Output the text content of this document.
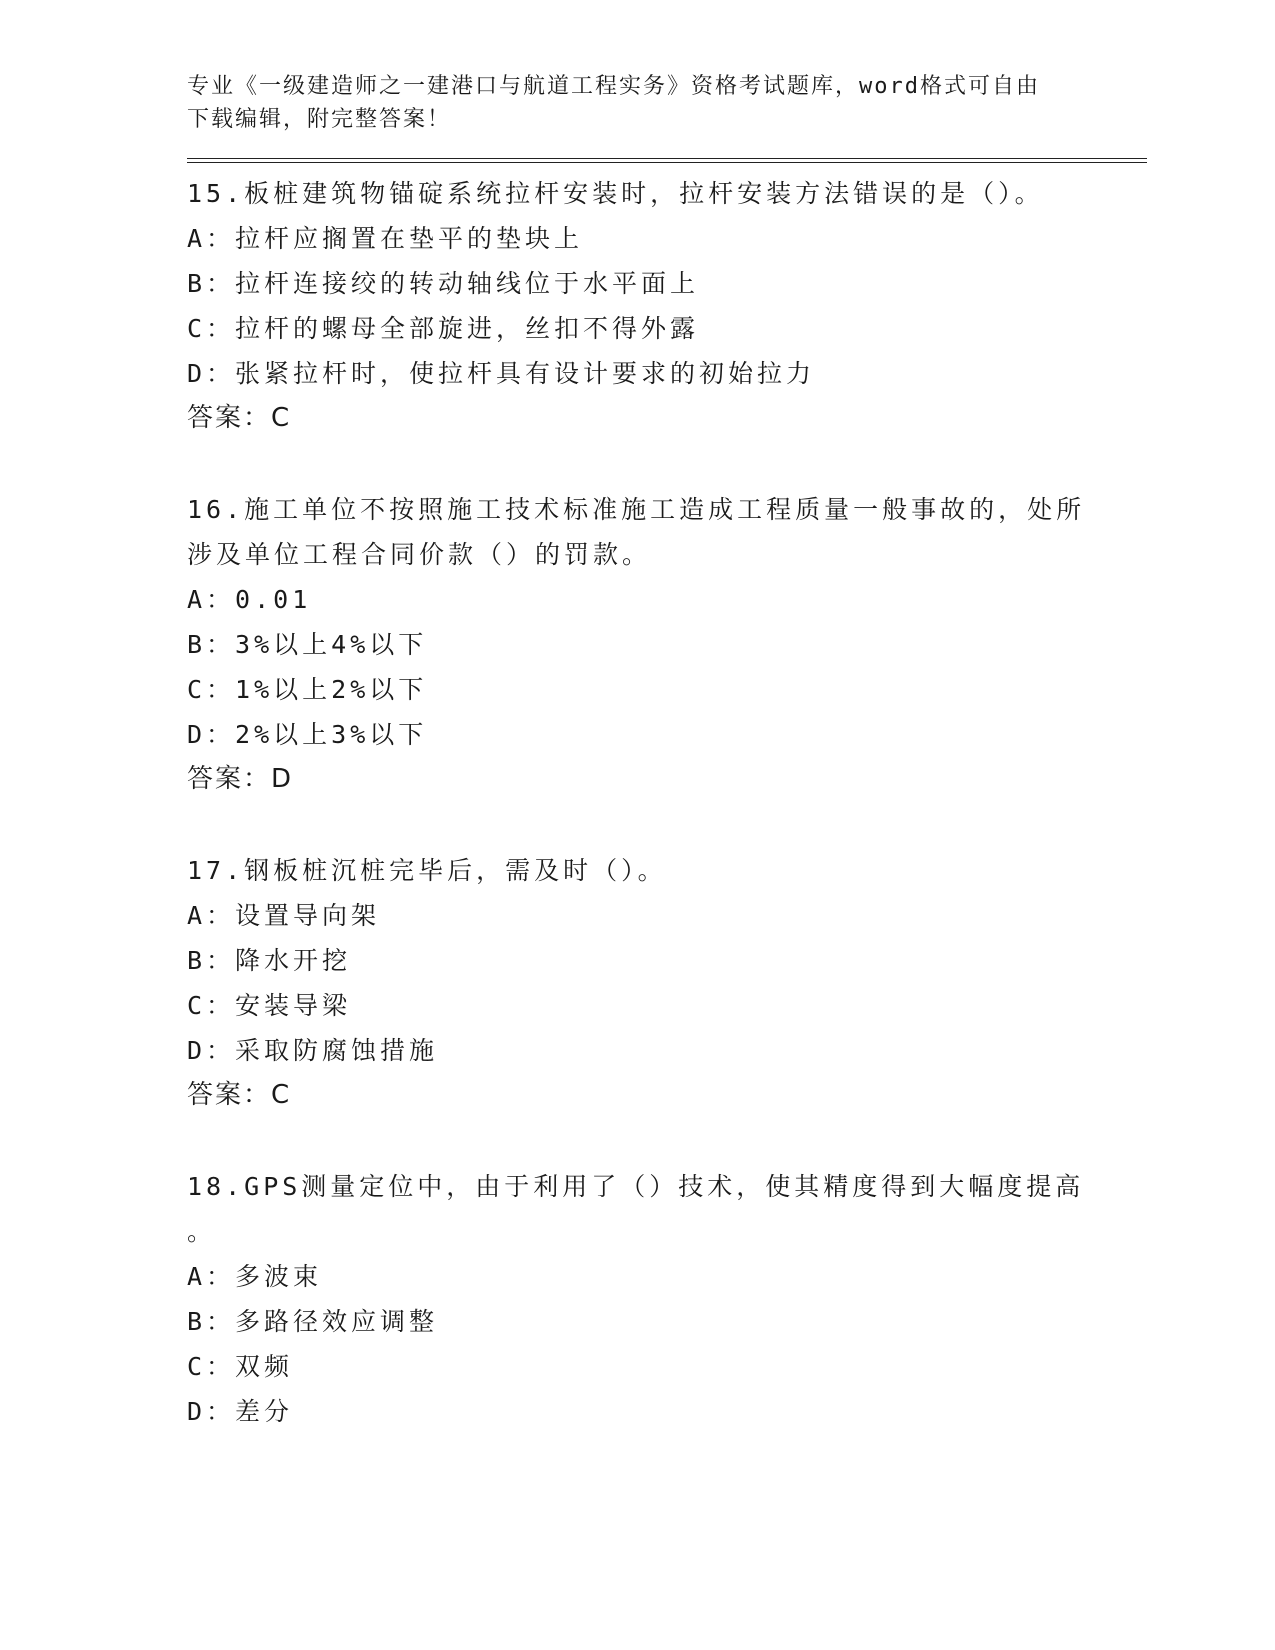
专业《一级建造师之一建港口与航道工程实务》资格考试题库，word格式可自由
下载编辑，附完整答案！
15.板桩建筑物锚碇系统拉杆安装时，拉杆安装方法错误的是（）。
A：拉杆应搁置在垫平的垫块上
B：拉杆连接绞的转动轴线位于水平面上
C：拉杆的螺母全部旋进，丝扣不得外露
D：张紧拉杆时，使拉杆具有设计要求的初始拉力
答案：C
16.施工单位不按照施工技术标准施工造成工程质量一般事故的，处所
涉及单位工程合同价款（）的罚款。
A：0.01
B：3%以上4%以下
C：1%以上2%以下
D：2%以上3%以下
答案：D
17.钢板桩沉桩完毕后，需及时（）。
A：设置导向架
B：降水开挖
C：安装导梁
D：采取防腐蚀措施
答案：C
18.GPS测量定位中，由于利用了（）技术，使其精度得到大幅度提高
。
A：多波束
B：多路径效应调整
C：双频
D：差分
